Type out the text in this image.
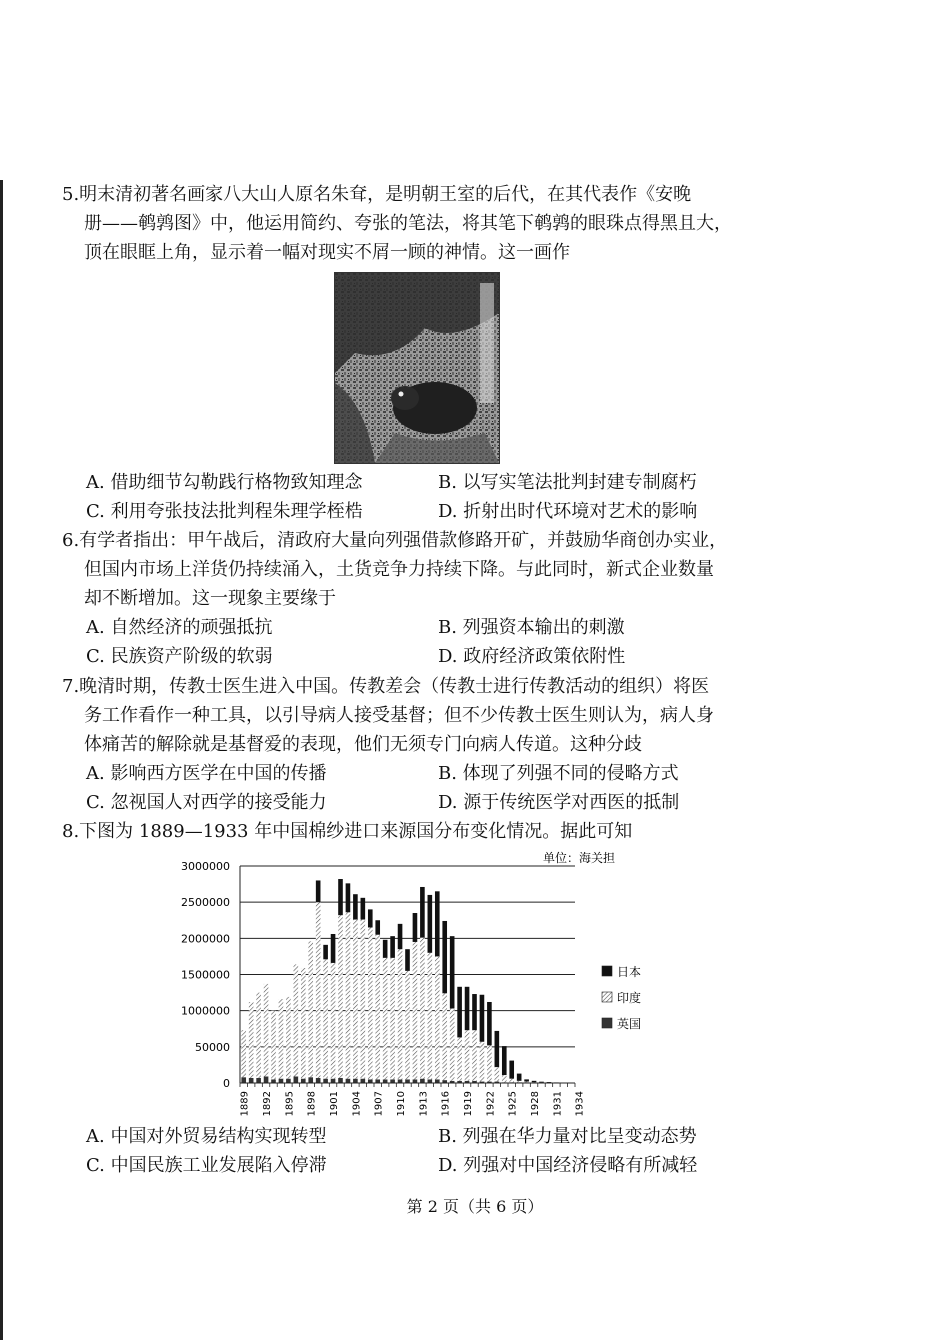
5.明末清初著名画家八大山人原名朱耷，是明朝王室的后代，在其代表作《安晚
册——鹌鹑图》中，他运用简约、夸张的笔法，将其笔下鹌鹑的眼珠点得黑且大，
顶在眼眶上角，显示着一幅对现实不屑一顾的神情。这一画作
A. 借助细节勾勒践行格物致知理念	B. 以写实笔法批判封建专制腐朽
C. 利用夸张技法批判程朱理学桎梏	D. 折射出时代环境对艺术的影响
6.有学者指出：甲午战后，清政府大量向列强借款修路开矿，并鼓励华商创办实业，
但国内市场上洋货仍持续涌入，土货竞争力持续下降。与此同时，新式企业数量
却不断增加。这一现象主要缘于
A. 自然经济的顽强抵抗	B. 列强资本输出的刺激
C. 民族资产阶级的软弱	D. 政府经济政策依附性
7.晚清时期，传教士医生进入中国。传教差会（传教士进行传教活动的组织）将医
务工作看作一种工具，以引导病人接受基督；但不少传教士医生则认为，病人身
体痛苦的解除就是基督爱的表现，他们无须专门向病人传道。这种分歧
A. 影响西方医学在中国的传播	B. 体现了列强不同的侵略方式
C. 忽视国人对西学的接受能力	D. 源于传统医学对西医的抵制
8.下图为 1889—1933 年中国棉纱进口来源国分布变化情况。据此可知
单位：海关担
0
50000
1000000
1500000
2000000
2500000
3000000
1889 1892 1895 1898 1901 1904 1907 1910 1913 1916 1919 1922 1925 1928 1931 1934
日本
印度
英国
A. 中国对外贸易结构实现转型	B. 列强在华力量对比呈变动态势
C. 中国民族工业发展陷入停滞	D. 列强对中国经济侵略有所减轻
第 2 页（共 6 页）
